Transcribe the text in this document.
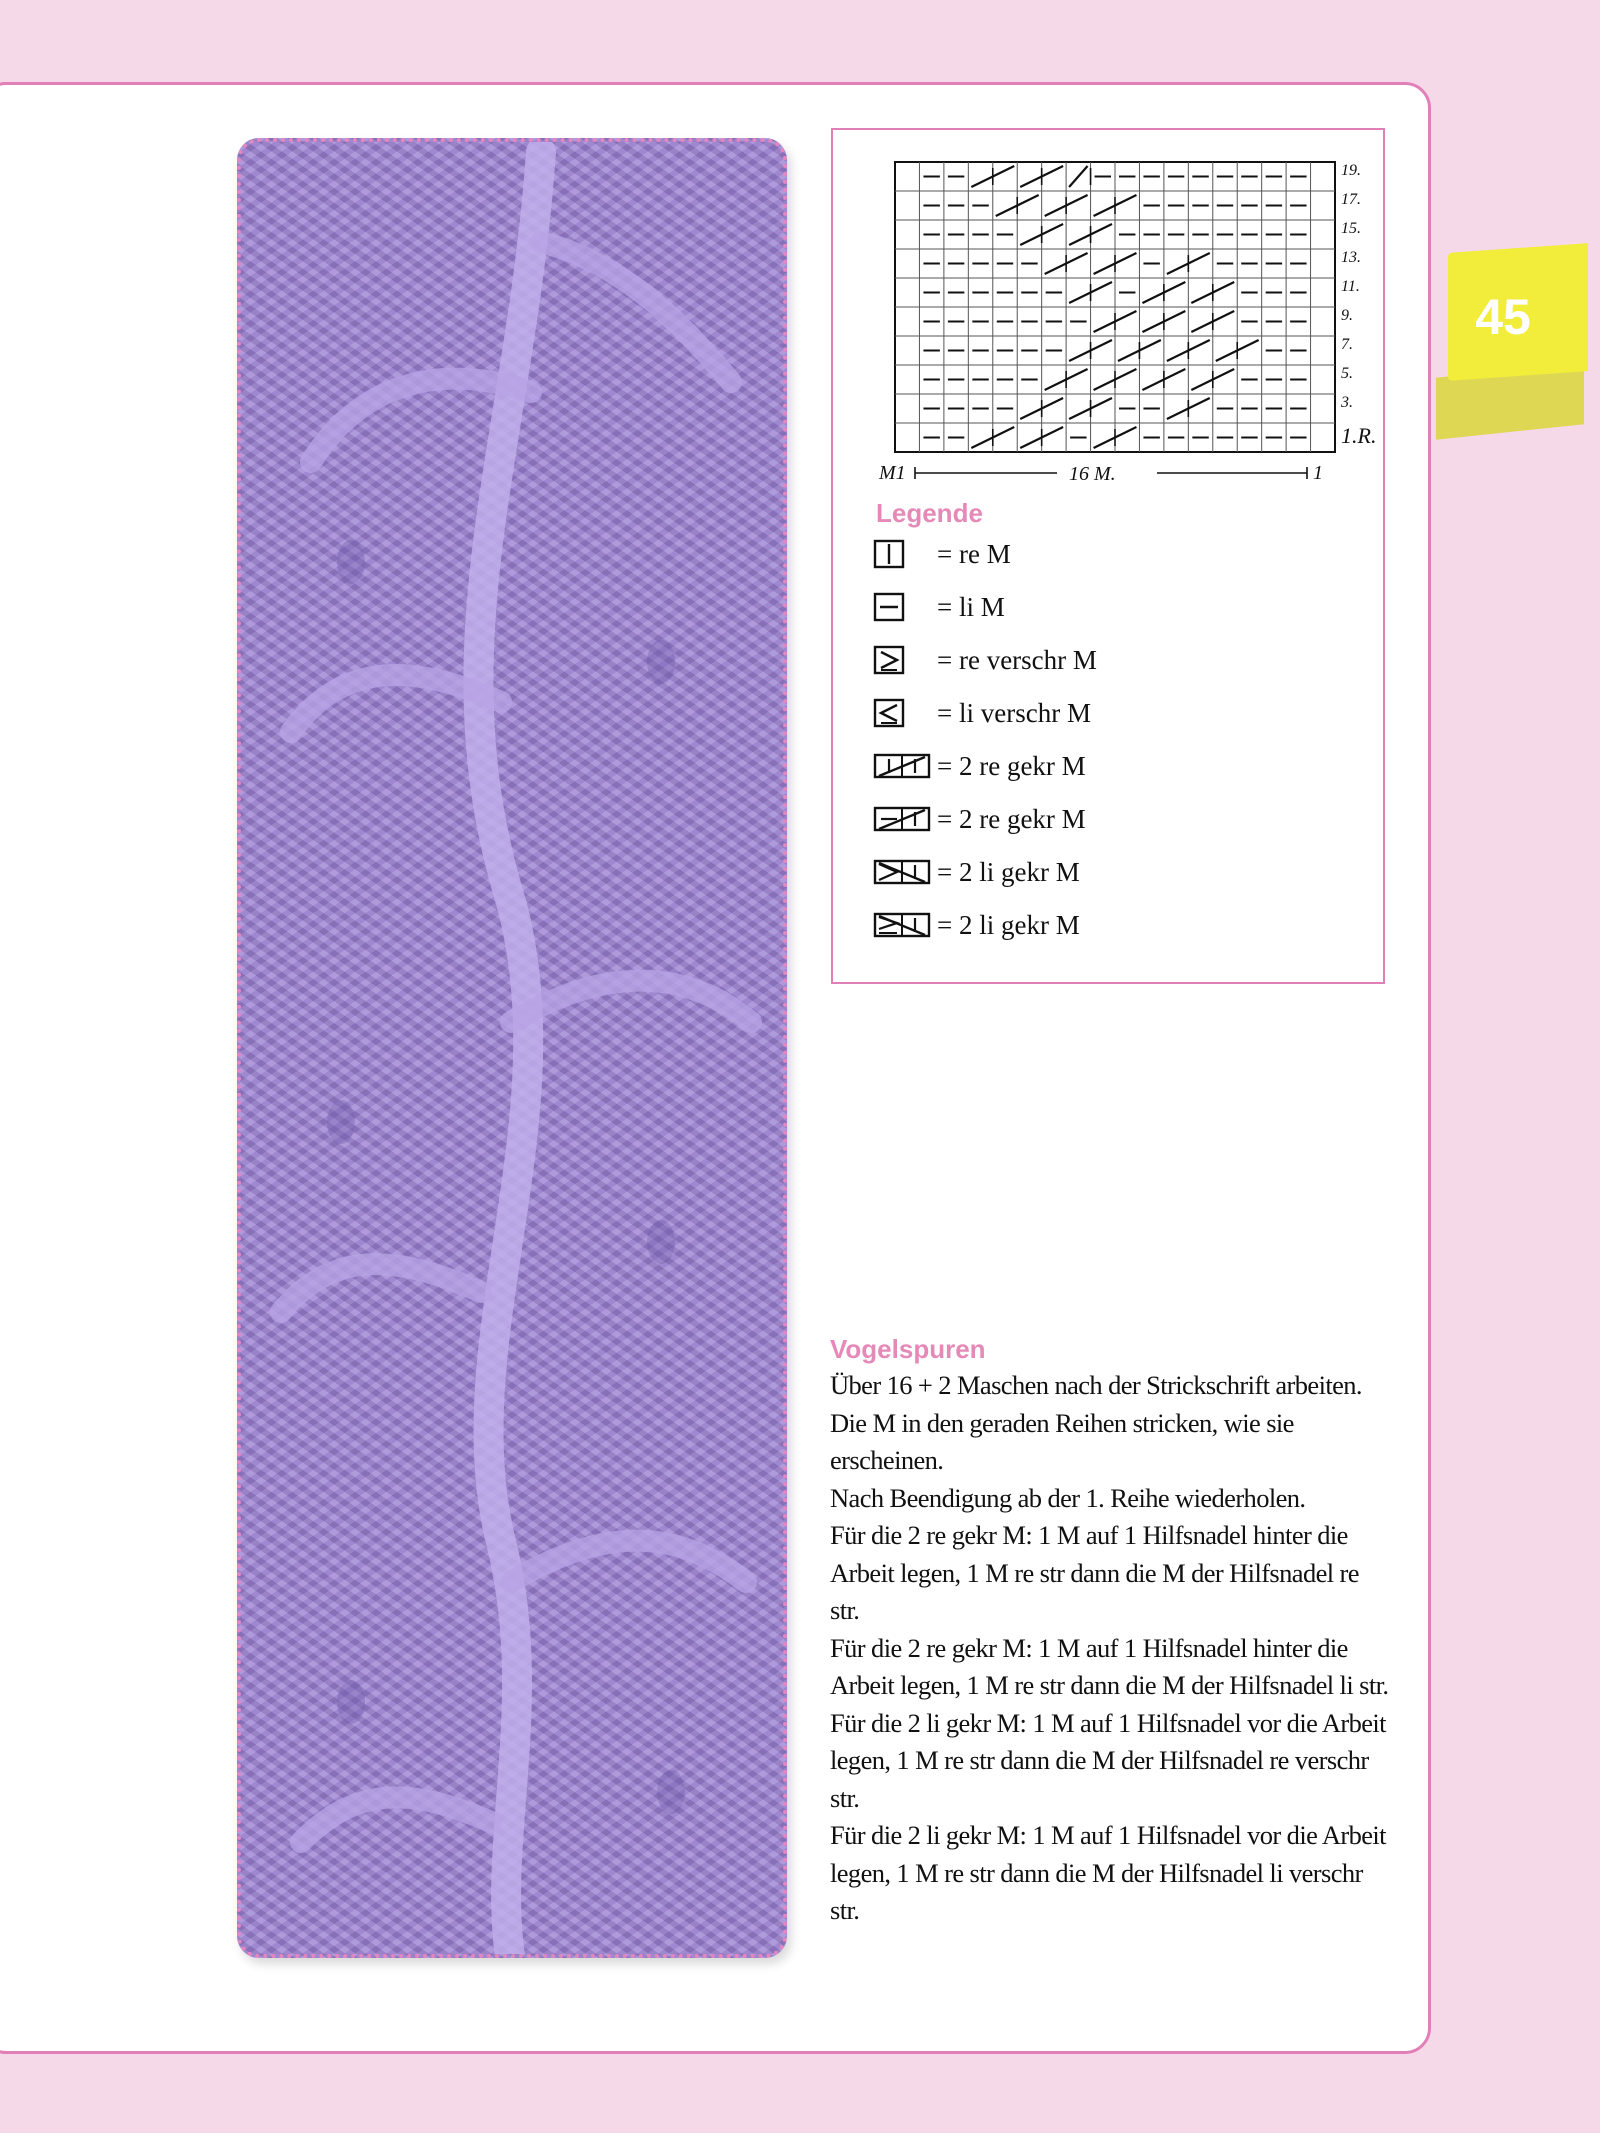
45
19.
17.
15.
13.
11.
9.
7.
5.
3.
1.R.
M1	16 M.	1
Legende
= re M
= li M
= re verschr M
= li verschr M
= 2 re gekr M
= 2 re gekr M
= 2 li gekr M
= 2 li gekr M
Vogelspuren

Über 16 + 2 Maschen nach der Strickschrift arbeiten.

Die M in den geraden Reihen stricken, wie sie erscheinen.

Nach Beendigung ab der 1. Reihe wiederholen.

Für die 2 re gekr M: 1 M auf 1 Hilfsnadel hinter die Arbeit legen, 1 M re str dann die M der Hilfsnadel re str.

Für die 2 re gekr M: 1 M auf 1 Hilfsnadel hinter die Arbeit legen, 1 M re str dann die M der Hilfsnadel li str.

Für die 2 li gekr M: 1 M auf 1 Hilfsnadel vor die Arbeit legen, 1 M re str dann die M der Hilfsnadel re verschr str.

Für die 2 li gekr M: 1 M auf 1 Hilfsnadel vor die Arbeit legen, 1 M re str dann die M der Hilfsnadel li verschr str.
